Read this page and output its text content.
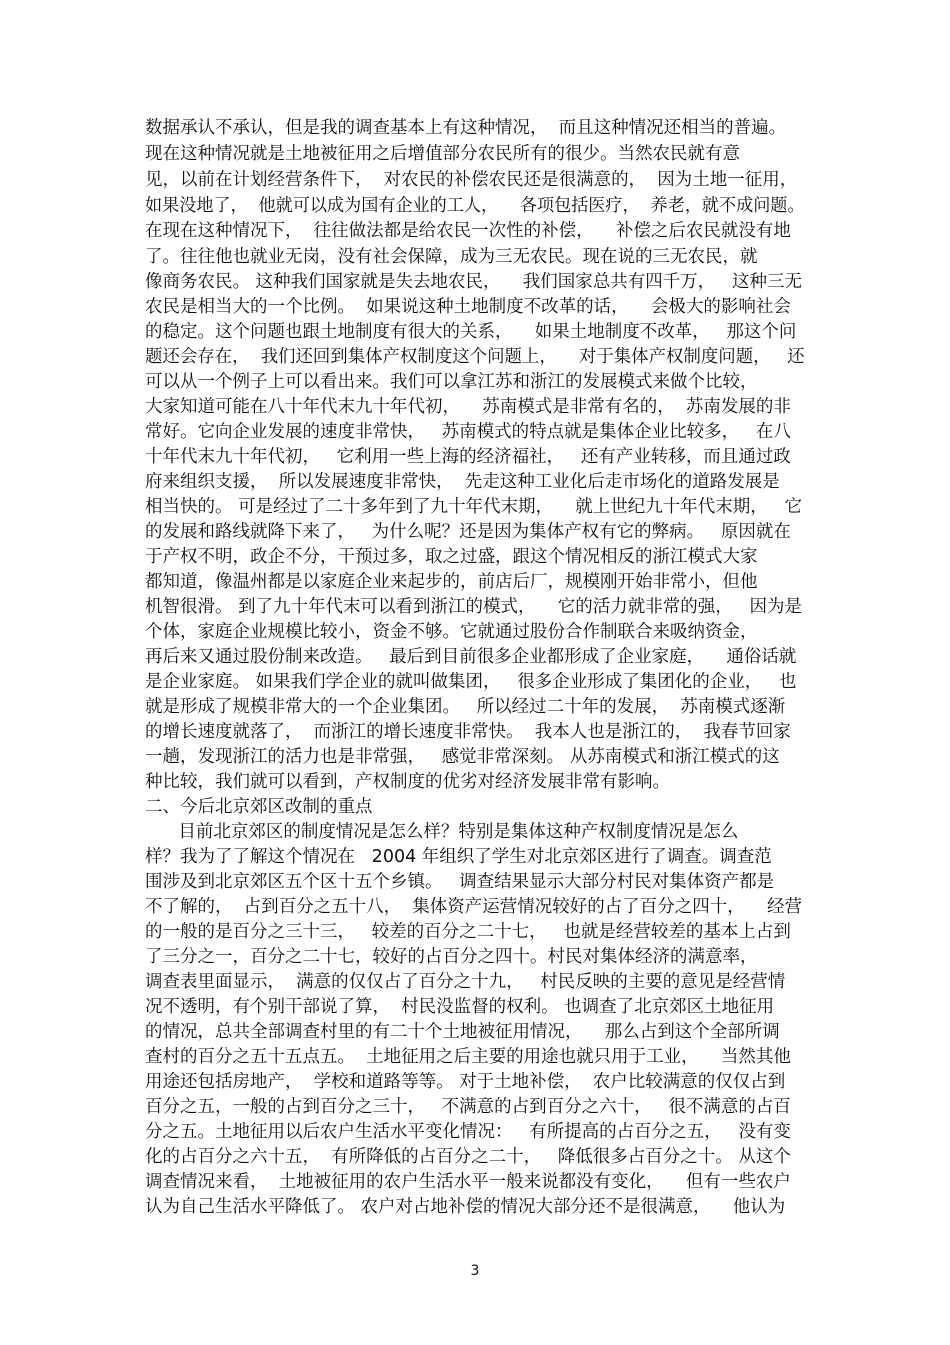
数据承认不承认，但是我的调查基本上有这种情况，  而且这种情况还相当的普遍。
现在这种情况就是土地被征用之后增值部分农民所有的很少。当然农民就有意
见，以前在计划经营条件下，  对农民的补偿农民还是很满意的，  因为土地一征用，
如果没地了，  他就可以成为国有企业的工人，    各项包括医疗，  养老，就不成问题。
在现在这种情况下，  往往做法都是给农民一次性的补偿，    补偿之后农民就没有地
了。往往他也就业无岗，没有社会保障，成为三无农民。现在说的三无农民，就
像商务农民。 这种我们国家就是失去地农民，    我们国家总共有四千万，   这种三无
农民是相当大的一个比例。  如果说这种土地制度不改革的话，    会极大的影响社会
的稳定。这个问题也跟土地制度有很大的关系，    如果土地制度不改革，   那这个问
题还会存在，  我们还回到集体产权制度这个问题上，    对于集体产权制度问题，   还
可以从一个例子上可以看出来。我们可以拿江苏和浙江的发展模式来做个比较，
大家知道可能在八十年代末九十年代初，    苏南模式是非常有名的，  苏南发展的非
常好。它向企业发展的速度非常快，   苏南模式的特点就是集体企业比较多，   在八
十年代末九十年代初，   它利用一些上海的经济福社，   还有产业转移，而且通过政
府来组织支援，  所以发展速度非常快，  先走这种工业化后走市场化的道路发展是
相当快的。 可是经过了二十多年到了九十年代末期，    就上世纪九十年代末期，   它
的发展和路线就降下来了，   为什么呢？还是因为集体产权有它的弊病。   原因就在
于产权不明，政企不分，干预过多，取之过盛，跟这个情况相反的浙江模式大家
都知道，像温州都是以家庭企业来起步的，前店后厂，规模刚开始非常小，但他
机智很滑。 到了九十年代末可以看到浙江的模式，    它的活力就非常的强，   因为是
个体，家庭企业规模比较小，资金不够。它就通过股份合作制联合来吸纳资金，
再后来又通过股份制来改造。   最后到目前很多企业都形成了企业家庭，    通俗话就
是企业家庭。 如果我们学企业的就叫做集团，   很多企业形成了集团化的企业，   也
就是形成了规模非常大的一个企业集团。   所以经过二十年的发展，  苏南模式逐渐
的增长速度就落了，  而浙江的增长速度非常快。  我本人也是浙江的，  我春节回家
一趟，发现浙江的活力也是非常强，   感觉非常深刻。 从苏南模式和浙江模式的这
种比较，我们就可以看到，产权制度的优劣对经济发展非常有影响。
二、今后北京郊区改制的重点
目前北京郊区的制度情况是怎么样？特别是集体这种产权制度情况是怎么
样？我为了了解这个情况在   2004 年组织了学生对北京郊区进行了调查。调查范
围涉及到北京郊区五个区十五个乡镇。   调查结果显示大部分村民对集体资产都是
不了解的，  占到百分之五十八，  集体资产运营情况较好的占了百分之四十，    经营
的一般的是百分之三十三，   较差的百分之二十七，   也就是经营较差的基本上占到
了三分之一，百分之二十七，较好的占百分之四十。村民对集体经济的满意率，
调查表里面显示，  满意的仅仅占了百分之十九，   村民反映的主要的意见是经营情
况不透明，有个别干部说了算，  村民没监督的权利。 也调查了北京郊区土地征用
的情况，总共全部调查村里的有二十个土地被征用情况，    那么占到这个全部所调
查村的百分之五十五点五。  土地征用之后主要的用途也就只用于工业，    当然其他
用途还包括房地产，  学校和道路等等。 对于土地补偿，  农户比较满意的仅仅占到
百分之五，一般的占到百分之三十，   不满意的占到百分之六十，   很不满意的占百
分之五。土地征用以后农户生活水平变化情况：   有所提高的占百分之五，   没有变
化的占百分之六十五，  有所降低的占百分之二十，   降低很多占百分之十。 从这个
调查情况来看，  土地被征用的农户生活水平一般来说都没有变化，    但有一些农户
认为自己生活水平降低了。 农户对占地补偿的情况大部分还不是很满意，    他认为
3
